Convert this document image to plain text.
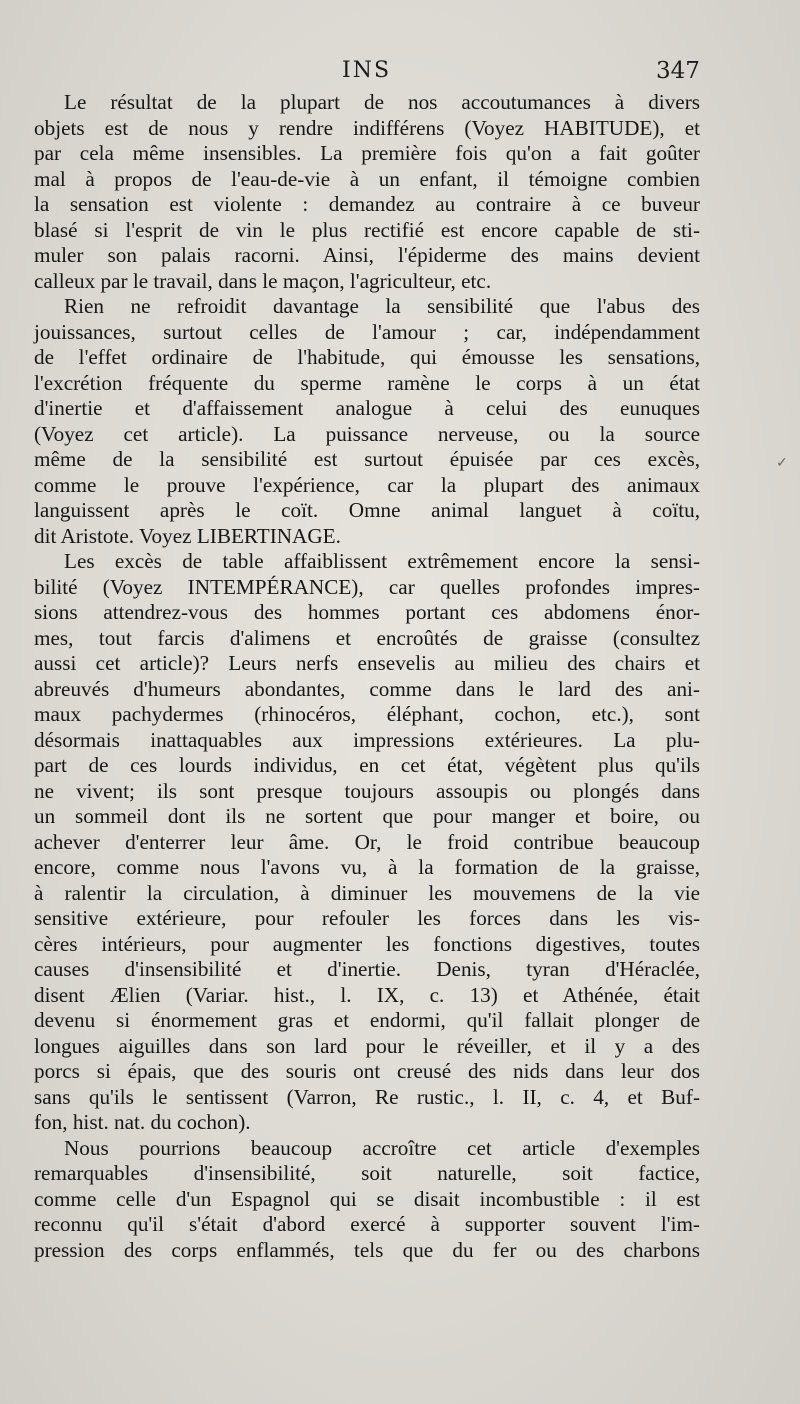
INS	347
✓
Le résultat de la plupart de nos accoutumances à divers
objets est de nous y rendre indifférens (Voyez HABITUDE), et
par cela même insensibles. La première fois qu'on a fait goûter
mal à propos de l'eau-de-vie à un enfant, il témoigne combien
la sensation est violente : demandez au contraire à ce buveur
blasé si l'esprit de vin le plus rectifié est encore capable de sti-
muler son palais racorni. Ainsi, l'épiderme des mains devient
calleux par le travail, dans le maçon, l'agriculteur, etc.
Rien ne refroidit davantage la sensibilité que l'abus des
jouissances, surtout celles de l'amour ; car, indépendamment
de l'effet ordinaire de l'habitude, qui émousse les sensations,
l'excrétion fréquente du sperme ramène le corps à un état
d'inertie et d'affaissement analogue à celui des eunuques
(Voyez cet article). La puissance nerveuse, ou la source
même de la sensibilité est surtout épuisée par ces excès,
comme le prouve l'expérience, car la plupart des animaux
languissent après le coït. Omne animal languet à coïtu,
dit Aristote. Voyez LIBERTINAGE.
Les excès de table affaiblissent extrêmement encore la sensi-
bilité (Voyez INTEMPÉRANCE), car quelles profondes impres-
sions attendrez-vous des hommes portant ces abdomens énor-
mes, tout farcis d'alimens et encroûtés de graisse (consultez
aussi cet article)? Leurs nerfs ensevelis au milieu des chairs et
abreuvés d'humeurs abondantes, comme dans le lard des ani-
maux pachydermes (rhinocéros, éléphant, cochon, etc.), sont
désormais inattaquables aux impressions extérieures. La plu-
part de ces lourds individus, en cet état, végètent plus qu'ils
ne vivent; ils sont presque toujours assoupis ou plongés dans
un sommeil dont ils ne sortent que pour manger et boire, ou
achever d'enterrer leur âme. Or, le froid contribue beaucoup
encore, comme nous l'avons vu, à la formation de la graisse,
à ralentir la circulation, à diminuer les mouvemens de la vie
sensitive extérieure, pour refouler les forces dans les vis-
cères intérieurs, pour augmenter les fonctions digestives, toutes
causes d'insensibilité et d'inertie. Denis, tyran d'Héraclée,
disent Ælien (Variar. hist., l. IX, c. 13) et Athénée, était
devenu si énormement gras et endormi, qu'il fallait plonger de
longues aiguilles dans son lard pour le réveiller, et il y a des
porcs si épais, que des souris ont creusé des nids dans leur dos
sans qu'ils le sentissent (Varron, Re rustic., l. II, c. 4, et Buf-
fon, hist. nat. du cochon).
Nous pourrions beaucoup accroître cet article d'exemples
remarquables d'insensibilité, soit naturelle, soit factice,
comme celle d'un Espagnol qui se disait incombustible : il est
reconnu qu'il s'était d'abord exercé à supporter souvent l'im-
pression des corps enflammés, tels que du fer ou des charbons
